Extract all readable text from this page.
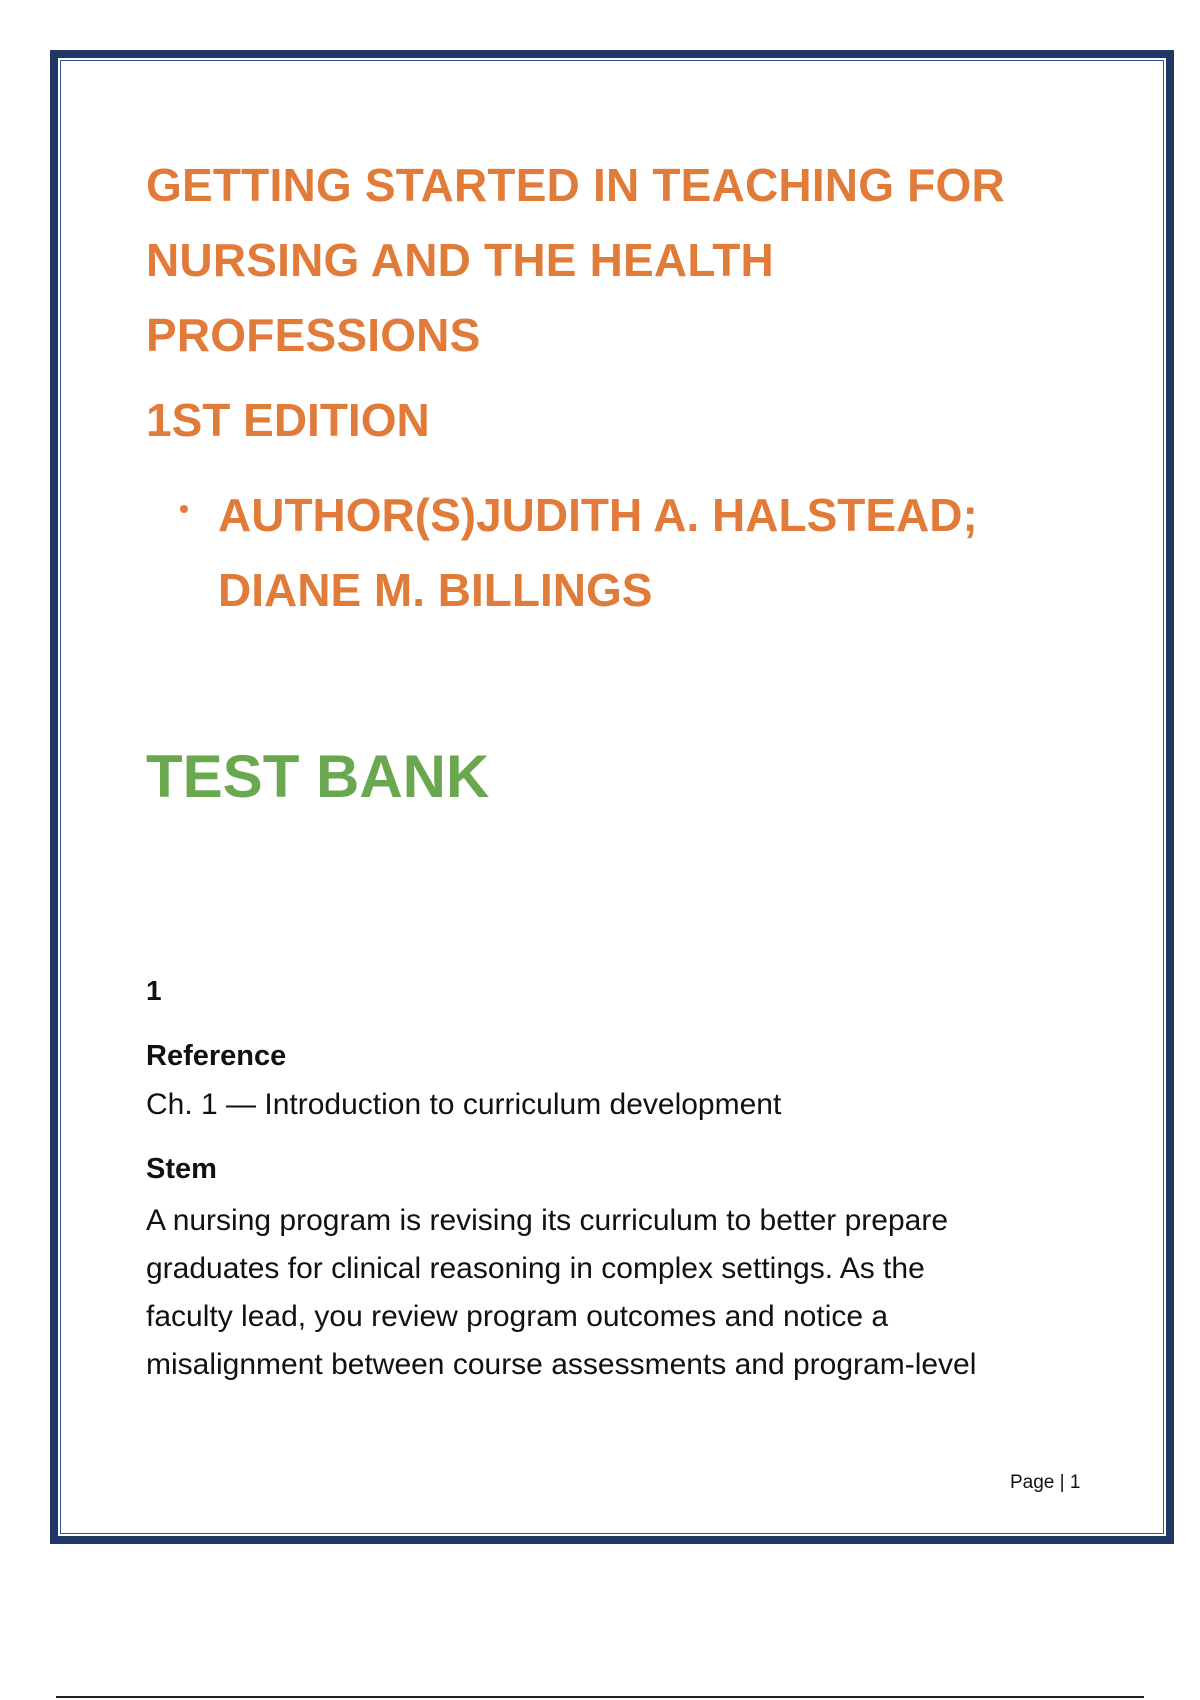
GETTING STARTED IN TEACHING FOR
NURSING AND THE HEALTH
PROFESSIONS
1ST EDITION
AUTHOR(S)JUDITH A. HALSTEAD;
DIANE M. BILLINGS
TEST BANK
1
Reference
Ch. 1 — Introduction to curriculum development
Stem
A nursing program is revising its curriculum to better prepare
graduates for clinical reasoning in complex settings. As the
faculty lead, you review program outcomes and notice a
misalignment between course assessments and program-level
Page | 1
